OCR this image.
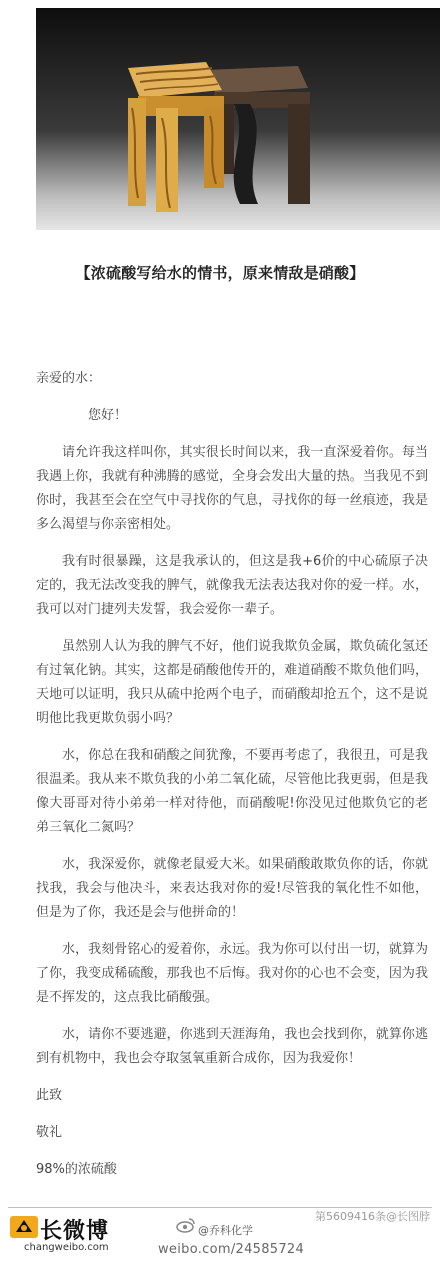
【浓硫酸写给水的情书，原来情敌是硝酸】

亲爱的水：

您好！

请允许我这样叫你，其实很长时间以来，我一直深爱着你。每当我遇上你，我就有种沸腾的感觉，全身会发出大量的热。当我见不到你时，我甚至会在空气中寻找你的气息，寻找你的每一丝痕迹，我是多么渴望与你亲密相处。

我有时很暴躁，这是我承认的，但这是我+6价的中心硫原子决定的，我无法改变我的脾气，就像我无法表达我对你的爱一样。水，我可以对门捷列夫发誓，我会爱你一辈子。

虽然别人认为我的脾气不好，他们说我欺负金属，欺负硫化氢还有过氧化钠。其实，这都是硝酸他传开的，难道硝酸不欺负他们吗，天地可以证明，我只从硫中抢两个电子，而硝酸却抢五个，这不是说明他比我更欺负弱小吗？

水，你总在我和硝酸之间犹豫，不要再考虑了，我很丑，可是我很温柔。我从来不欺负我的小弟二氧化硫，尽管他比我更弱，但是我像大哥哥对待小弟弟一样对待他，而硝酸呢!你没见过他欺负它的老弟三氧化二氮吗？

水，我深爱你，就像老鼠爱大米。如果硝酸敢欺负你的话，你就找我，我会与他决斗，来表达我对你的爱!尽管我的氧化性不如他，但是为了你，我还是会与他拼命的！

水，我刻骨铭心的爱着你，永远。我为你可以付出一切，就算为了你，我变成稀硫酸，那我也不后悔。我对你的心也不会变，因为我是不挥发的，这点我比硝酸强。

水，请你不要逃避，你逃到天涯海角，我也会找到你，就算你逃到有机物中，我也会夺取氢氧重新合成你，因为我爱你！

此致

敬礼

98%的浓硫酸

第5609416条@长图脖
长微博
changweibo.com
@乔科化学
weibo.com/24585724
